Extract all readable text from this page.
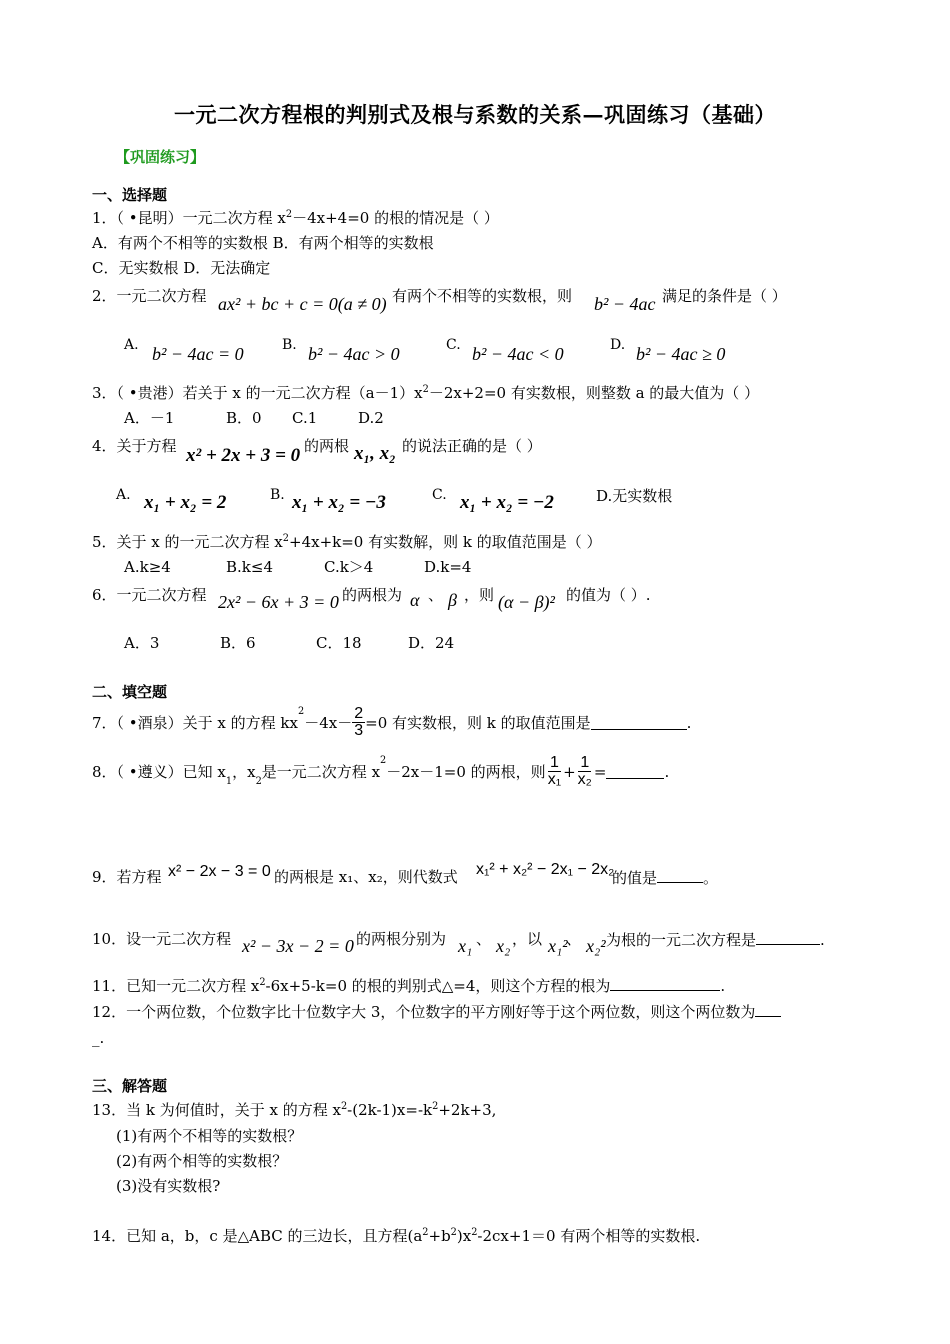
一元二次方程根的判别式及根与系数的关系—巩固练习（基础）
【巩固练习】
一、选择题
1．（ •昆明）一元二次方程 $x^2-4x+4=0$ 的根的情况是（ ）
A．有两个不相等的实数根 B．有两个相等的实数根
C．无实数根 D．无法确定
2．一元二次方程 ax² + bc + c = 0(a ≠ 0) 有两个不相等的实数根，则 b² − 4ac 满足的条件是（ ）
A. b² − 4ac = 0	B. b² − 4ac > 0	C. b² − 4ac < 0	D. b² − 4ac ≥ 0
3．（ •贵港）若关于 x 的一元二次方程$(a-1)x^2-2x+2=0$ 有实数根，则整数 a 的最大值为（ ）
A．－1	B．0 C.1	D.2
4．关于方程 x² + 2x + 3 = 0 的两根 x₁, x₂ 的说法正确的是（ ）
A. x₁ + x₂ = 2	B. x₁ + x₂ = −3	C. x₁ + x₂ = −2	D.无实数根
5．关于 x 的一元二次方程 $x^2+4x+k=0$ 有实数解，则 k 的取值范围是（ ）
A.k≥4	B.k≤4	C.k＞4	D.k=4
6．一元二次方程 2x² − 6x + 3 = 0 的两根为 α 、 β ，则 (α − β)² 的值为（ ）.
A．3	B．6	C．18	D．24
二、填空题
7．（ •酒泉）关于 x 的方程 kx
$^2$
$-4x- \frac{2}{3} =0$ 有实数根，则 k 的取值范围是	.
8．（ •遵义）已知 x
$_1$
，x
$_2$
是一元二次方程 x
$^2$
－2x－1=0 的两根，则 $\frac{1}{\text{x₁}} + \frac{1}{\text{x₂}}$ =	.
9．若方程 x² − 2x − 3 = 0 的两根是 x₁、x₂，则代数式 x₁² + x₂² − 2x₁ − 2x₂
的值是	。
10．设一元二次方程 x² − 3x − 2 = 0 的两根分别为 x₁ 、 x₂ ，以 x₁²
、 x₂² 为根的一元二次方程是	.
11．已知一元二次方程 $x^2-6x+5-k=0$ 的根的判别式△=4，则这个方程的根为	.
12．一个两位数，个位数字比十位数字大 3，个位数字的平方刚好等于这个两位数，则这个两位数为
_.
三、解答题
13．当 k 为何值时，关于 x 的方程 $x^2-(2k-1)x=-k^2+2k+3$,
(1)有两个不相等的实数根？
(2)有两个相等的实数根？
(3)没有实数根?
14．已知 a，b，c 是△ABC 的三边长，且方程$(a^2+b^2)x^2-2cx+1=0$ 有两个相等的实数根.
